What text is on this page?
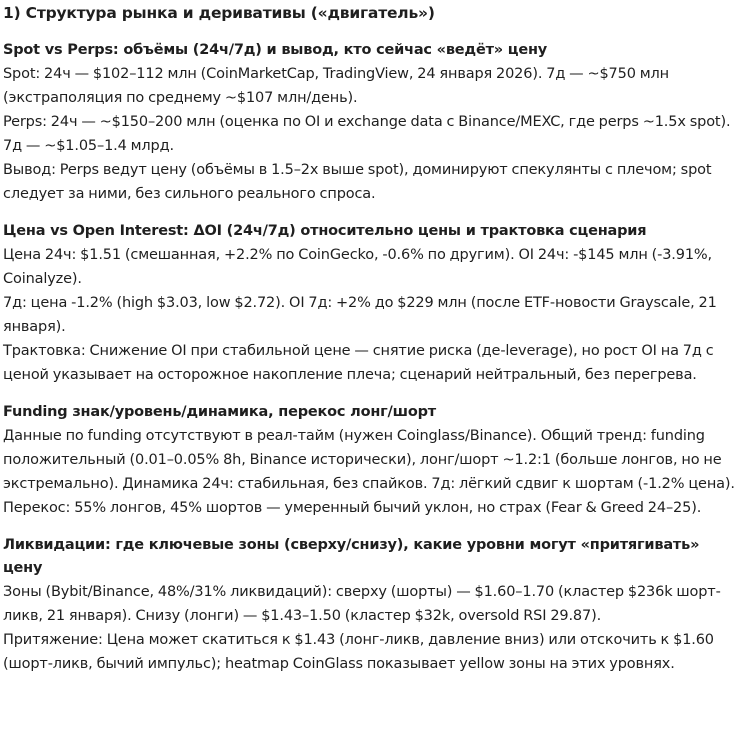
1) Структура рынка и деривативы («двигатель»)
Spot vs Perps: объёмы (24ч/7д) и вывод, кто сейчас «ведёт» цену

Spot: 24ч — $102–112 млн (CoinMarketCap, TradingView, 24 января 2026). 7д — ~$750 млн (экстраполяция по среднему ~$107 млн/день).

Perps: 24ч — ~$150–200 млн (оценка по OI и exchange data с Binance/MEXC, где perps ~1.5x spot). 7д — ~$1.05–1.4 млрд.

Вывод: Perps ведут цену (объёмы в 1.5–2x выше spot), доминируют спекулянты с плечом; spot следует за ними, без сильного реального спроса.

Цена vs Open Interest: ΔOI (24ч/7д) относительно цены и трактовка сценария

Цена 24ч: $1.51 (смешанная, +2.2% по CoinGecko, -0.6% по другим). OI 24ч: -$145 млн (-3.91%, Coinalyze).

7д: цена -1.2% (high $3.03, low $2.72). OI 7д: +2% до $229 млн (после ETF-новости Grayscale, 21 января).

Трактовка: Снижение OI при стабильной цене — снятие риска (де-leverage), но рост OI на 7д с ценой указывает на осторожное накопление плеча; сценарий нейтральный, без перегрева.

Funding знак/уровень/динамика, перекос лонг/шорт

Данные по funding отсутствуют в реал-тайм (нужен Coinglass/Binance). Общий тренд: funding положительный (0.01–0.05% 8h, Binance исторически), лонг/шорт ~1.2:1 (больше лонгов, но не экстремально). Динамика 24ч: стабильная, без спайков. 7д: лёгкий сдвиг к шортам (-1.2% цена). Перекос: 55% лонгов, 45% шортов — умеренный бычий уклон, но страх (Fear & Greed 24–25).

Ликвидации: где ключевые зоны (сверху/снизу), какие уровни могут «притягивать» цену

Зоны (Bybit/Binance, 48%/31% ликвидаций): сверху (шорты) — $1.60–1.70 (кластер $236k шорт-ликв, 21 января). Снизу (лонги) — $1.43–1.50 (кластер $32k, oversold RSI 29.87).

Притяжение: Цена может скатиться к $1.43 (лонг-ликв, давление вниз) или отскочить к $1.60 (шорт-ликв, бычий импульс); heatmap CoinGlass показывает yellow зоны на этих уровнях.
